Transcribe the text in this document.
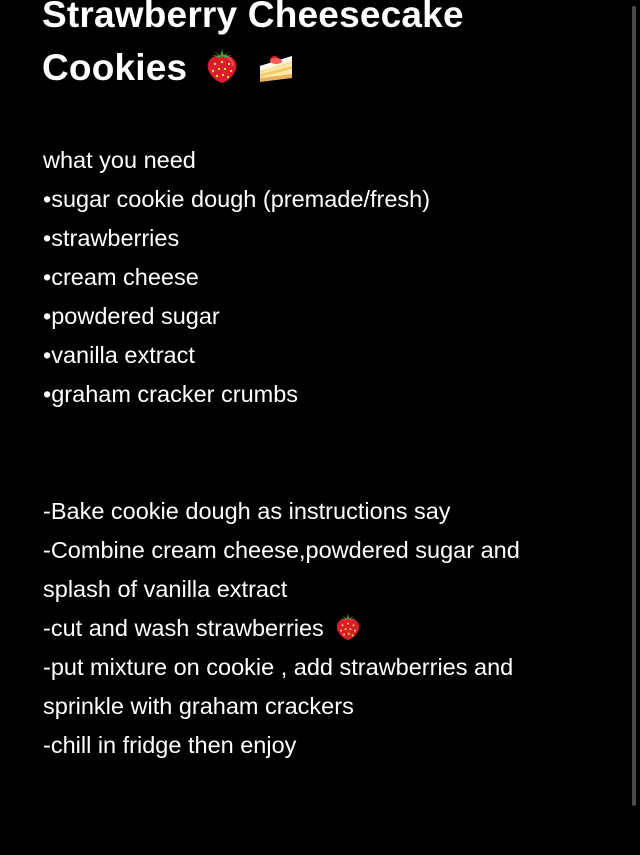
Strawberry Cheesecake
Cookies
what you need
•sugar cookie dough (premade/fresh)
•strawberries
•cream cheese
•powdered sugar
•vanilla extract
•graham cracker crumbs
-Bake cookie dough as instructions say
-Combine cream cheese,powdered sugar and
splash of vanilla extract
-cut and wash strawberries
-put mixture on cookie , add strawberries and
sprinkle with graham crackers
-chill in fridge then enjoy
